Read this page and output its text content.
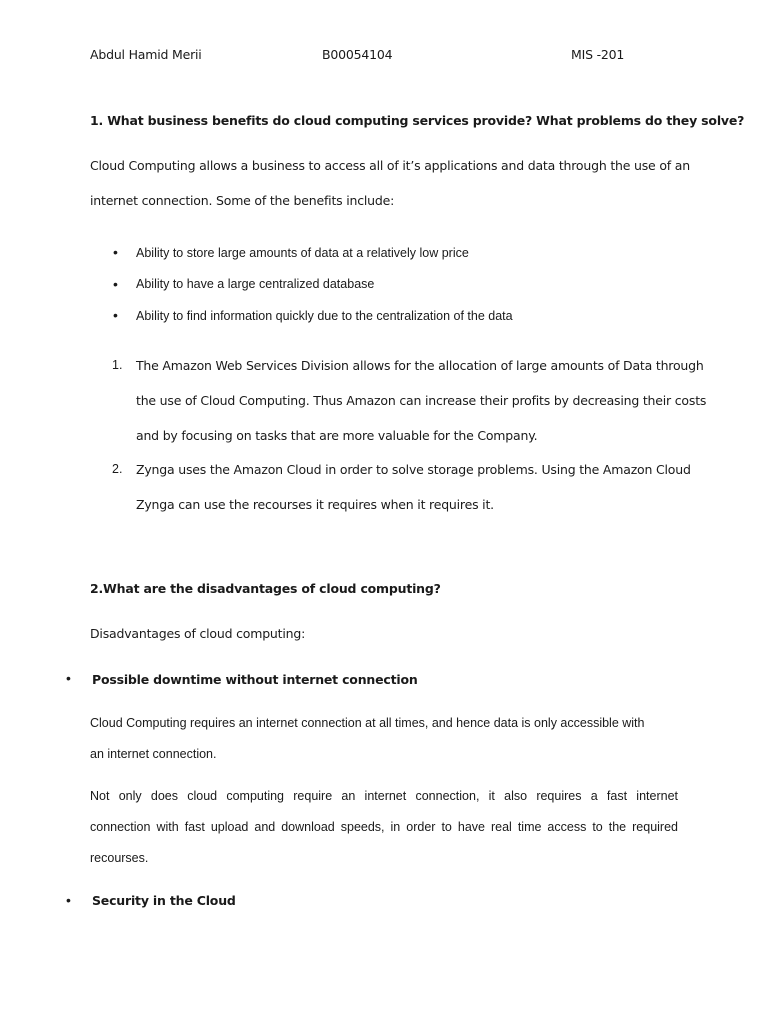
Abdul Hamid Merii	B00054104	MIS -201
1. What business benefits do cloud computing services provide? What problems do they solve?
Cloud Computing allows a business to access all of it’s applications and data through the use of an
internet connection. Some of the benefits include:
• Ability to store large amounts of data at a relatively low price
• Ability to have a large centralized database
• Ability to find information quickly due to the centralization of the data
1. The Amazon Web Services Division allows for the allocation of large amounts of Data through
the use of Cloud Computing. Thus Amazon can increase their profits by decreasing their costs
and by focusing on tasks that are more valuable for the Company.
2. Zynga uses the Amazon Cloud in order to solve storage problems. Using the Amazon Cloud
Zynga can use the recourses it requires when it requires it.
2.What are the disadvantages of cloud computing?
Disadvantages of cloud computing:
• Possible downtime without internet connection
Cloud Computing requires an internet connection at all times, and hence data is only accessible with
an internet connection.
Not only does cloud computing require an internet connection, it also requires a fast internet
connection with fast upload and download speeds, in order to have real time access to the required
recourses.
• Security in the Cloud
